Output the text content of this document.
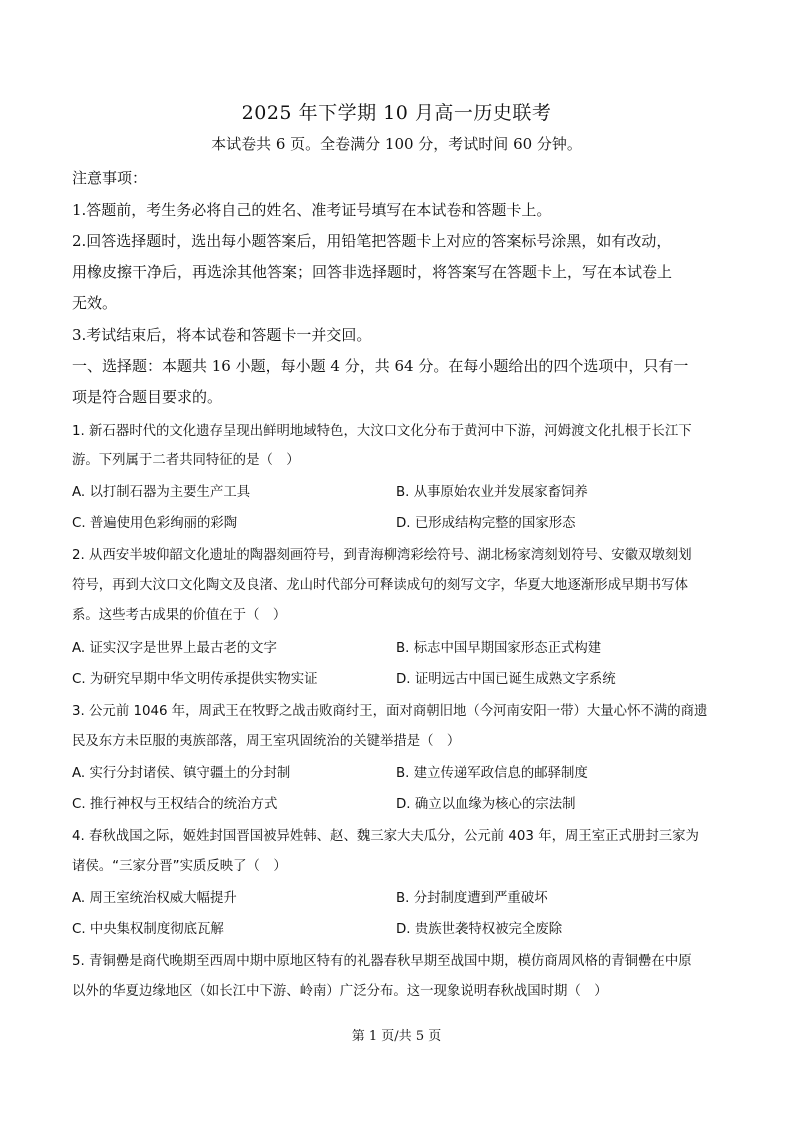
2025 年下学期 10 月高一历史联考
本试卷共 6 页。全卷满分 100 分，考试时间 60 分钟。
注意事项：
1.答题前，考生务必将自己的姓名、准考证号填写在本试卷和答题卡上。
2.回答选择题时，选出每小题答案后，用铅笔把答题卡上对应的答案标号涂黑，如有改动，
用橡皮擦干净后，再选涂其他答案；回答非选择题时，将答案写在答题卡上，写在本试卷上
无效。
3.考试结束后，将本试卷和答题卡一并交回。
一、选择题：本题共 16 小题，每小题 4 分，共 64 分。在每小题给出的四个选项中，只有一
项是符合题目要求的。
1. 新石器时代的文化遗存呈现出鲜明地域特色，大汶口文化分布于黄河中下游，河姆渡文化扎根于长江下
游。下列属于二者共同特征的是（　）
A. 以打制石器为主要生产工具	B. 从事原始农业并发展家畜饲养
C. 普遍使用色彩绚丽的彩陶	D. 已形成结构完整的国家形态
2. 从西安半坡仰韶文化遗址的陶器刻画符号，到青海柳湾彩绘符号、湖北杨家湾刻划符号、安徽双墩刻划
符号，再到大汶口文化陶文及良渚、龙山时代部分可释读成句的刻写文字，华夏大地逐渐形成早期书写体
系。这些考古成果的价值在于（　）
A. 证实汉字是世界上最古老的文字	B. 标志中国早期国家形态正式构建
C. 为研究早期中华文明传承提供实物实证	D. 证明远古中国已诞生成熟文字系统
3. 公元前 1046 年，周武王在牧野之战击败商纣王，面对商朝旧地（今河南安阳一带）大量心怀不满的商遗
民及东方未臣服的夷族部落，周王室巩固统治的关键举措是（　）
A. 实行分封诸侯、镇守疆土的分封制	B. 建立传递军政信息的邮驿制度
C. 推行神权与王权结合的统治方式	D. 确立以血缘为核心的宗法制
4. 春秋战国之际，姬姓封国晋国被异姓韩、赵、魏三家大夫瓜分，公元前 403 年，周王室正式册封三家为
诸侯。“三家分晋”实质反映了（　）
A. 周王室统治权威大幅提升	B. 分封制度遭到严重破坏
C. 中央集权制度彻底瓦解	D. 贵族世袭特权被完全废除
5. 青铜罍是商代晚期至西周中期中原地区特有的礼器春秋早期至战国中期，模仿商周风格的青铜罍在中原
以外的华夏边缘地区（如长江中下游、岭南）广泛分布。这一现象说明春秋战国时期（　）
第 1 页/共 5 页
